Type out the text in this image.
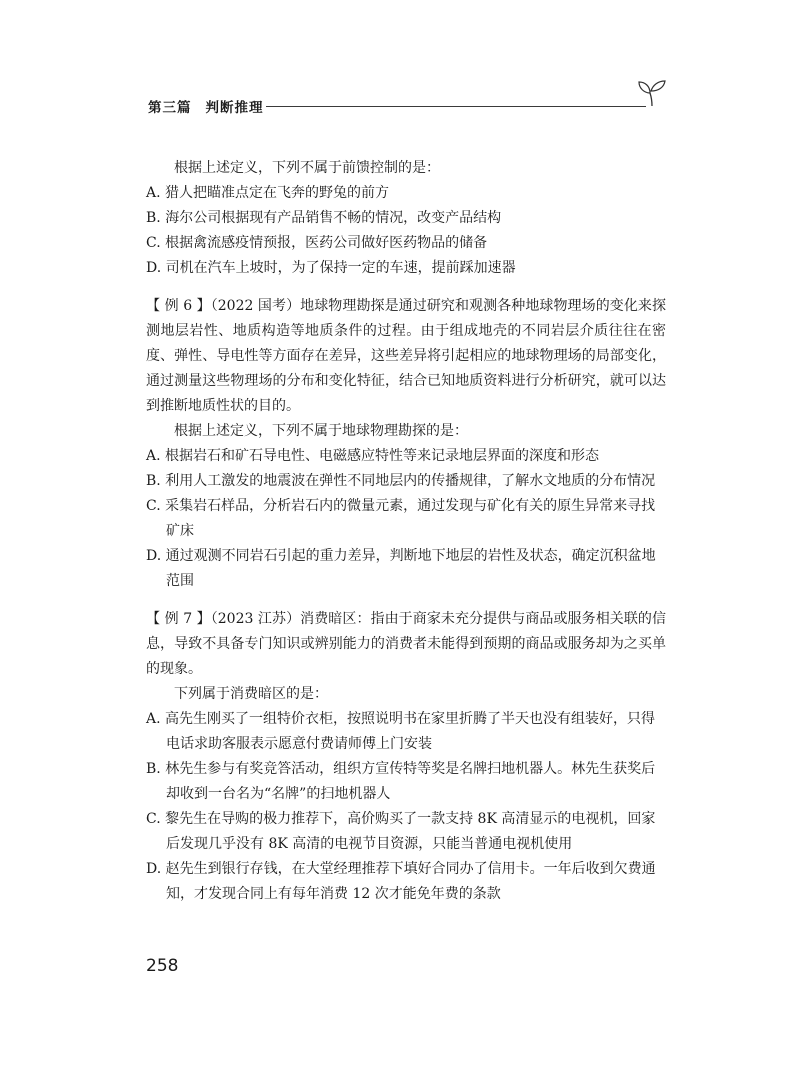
第三篇 判断推理

根据上述定义，下列不属于前馈控制的是：

A. 猎人把瞄准点定在飞奔的野兔的前方

B. 海尔公司根据现有产品销售不畅的情况，改变产品结构

C. 根据禽流感疫情预报，医药公司做好医药物品的储备

D. 司机在汽车上坡时，为了保持一定的车速，提前踩加速器

【 例 6 】（2022 国考）地球物理勘探是通过研究和观测各种地球物理场的变化来探测地层岩性、地质构造等地质条件的过程。由于组成地壳的不同岩层介质往往在密度、弹性、导电性等方面存在差异，这些差异将引起相应的地球物理场的局部变化，通过测量这些物理场的分布和变化特征，结合已知地质资料进行分析研究，就可以达到推断地质性状的目的。

根据上述定义，下列不属于地球物理勘探的是：

A. 根据岩石和矿石导电性、电磁感应特性等来记录地层界面的深度和形态

B. 利用人工激发的地震波在弹性不同地层内的传播规律，了解水文地质的分布情况

C. 采集岩石样品，分析岩石内的微量元素，通过发现与矿化有关的原生异常来寻找矿床

D. 通过观测不同岩石引起的重力差异，判断地下地层的岩性及状态，确定沉积盆地范围

【 例 7 】（2023 江苏）消费暗区：指由于商家未充分提供与商品或服务相关联的信息，导致不具备专门知识或辨别能力的消费者未能得到预期的商品或服务却为之买单的现象。

下列属于消费暗区的是：

A. 高先生刚买了一组特价衣柜，按照说明书在家里折腾了半天也没有组装好，只得电话求助客服表示愿意付费请师傅上门安装

B. 林先生参与有奖竞答活动，组织方宣传特等奖是名牌扫地机器人。林先生获奖后却收到一台名为“名牌”的扫地机器人

C. 黎先生在导购的极力推荐下，高价购买了一款支持 8K 高清显示的电视机，回家后发现几乎没有 8K 高清的电视节目资源，只能当普通电视机使用

D. 赵先生到银行存钱，在大堂经理推荐下填好合同办了信用卡。一年后收到欠费通知，才发现合同上有每年消费 12 次才能免年费的条款

258
